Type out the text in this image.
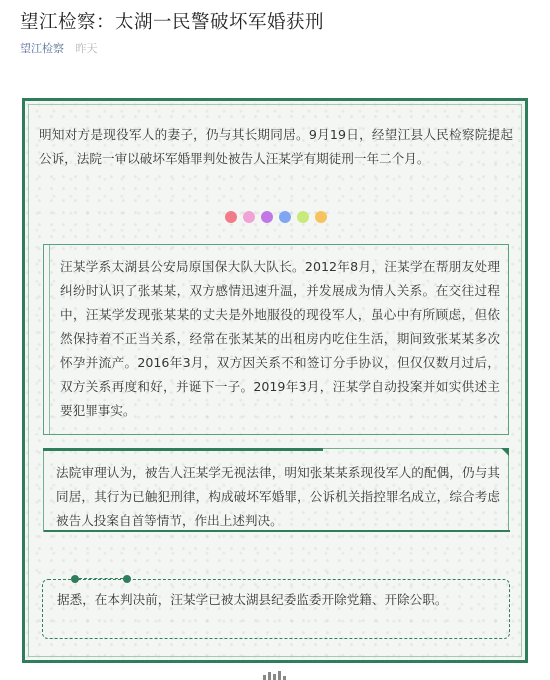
望江检察：太湖一民警破坏军婚获刑
望江检察 昨天
明知对方是现役军人的妻子，仍与其长期同居。9月19日，经望江县人民检察院提起公诉，法院一审以破坏军婚罪判处被告人汪某学有期徒刑一年二个月。
汪某学系太湖县公安局原国保大队大队长。2012年8月，汪某学在帮朋友处理纠纷时认识了张某某，双方感情迅速升温，并发展成为情人关系。在交往过程中，汪某学发现张某某的丈夫是外地服役的现役军人，虽心中有所顾虑，但依然保持着不正当关系，经常在张某某的出租房内吃住生活，期间致张某某多次怀孕并流产。2016年3月，双方因关系不和签订分手协议，但仅仅数月过后，双方关系再度和好，并诞下一子。2019年3月，汪某学自动投案并如实供述主要犯罪事实。
法院审理认为，被告人汪某学无视法律，明知张某某系现役军人的配偶，仍与其同居，其行为已触犯刑律，构成破坏军婚罪，公诉机关指控罪名成立，综合考虑被告人投案自首等情节，作出上述判决。
据悉，在本判决前，汪某学已被太湖县纪委监委开除党籍、开除公职。
